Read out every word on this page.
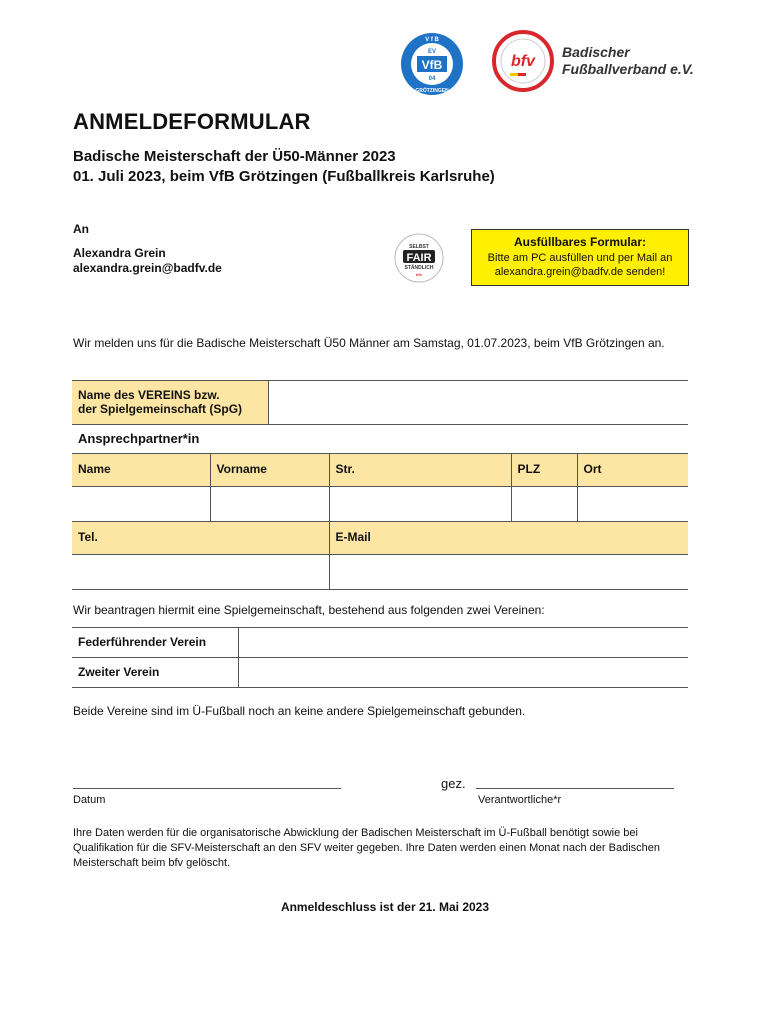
VfB
EV
04
V f B
GRÖTZINGEN
bfv
Badischer
Fußballverband e.V.
ANMELDEFORMULAR
Badische Meisterschaft der Ü50-Männer 2023
01. Juli 2023, beim VfB Grötzingen (Fußballkreis Karlsruhe)
An
Alexandra Grein
alexandra.grein@badfv.de
SELBST
FAIR
STÄNDLICH
bfv
Ausfüllbares Formular:
Bitte am PC ausfüllen und per Mail an
alexandra.grein@badfv.de senden!
Wir melden uns für die Badische Meisterschaft Ü50 Männer am Samstag, 01.07.2023, beim VfB Grötzingen an.
Name des VEREINS bzw.
der Spielgemeinschaft (SpG)

Ansprechpartner*in
Name	Vorname	Str.	PLZ	Ort

Tel.		E-Mail		

Wir beantragen hiermit eine Spielgemeinschaft, bestehend aus folgenden zwei Vereinen:
Federführender Verein	
Zweiter Verein	
Beide Vereine sind im Ü-Fußball noch an keine andere Spielgemeinschaft gebunden.
gez.
Datum	Verantwortliche*r
Ihre Daten werden für die organisatorische Abwicklung der Badischen Meisterschaft im Ü-Fußball benötigt sowie bei Qualifikation für die SFV-Meisterschaft an den SFV weiter gegeben. Ihre Daten werden einen Monat nach der Badischen Meisterschaft beim bfv gelöscht.
Anmeldeschluss ist der 21. Mai 2023
